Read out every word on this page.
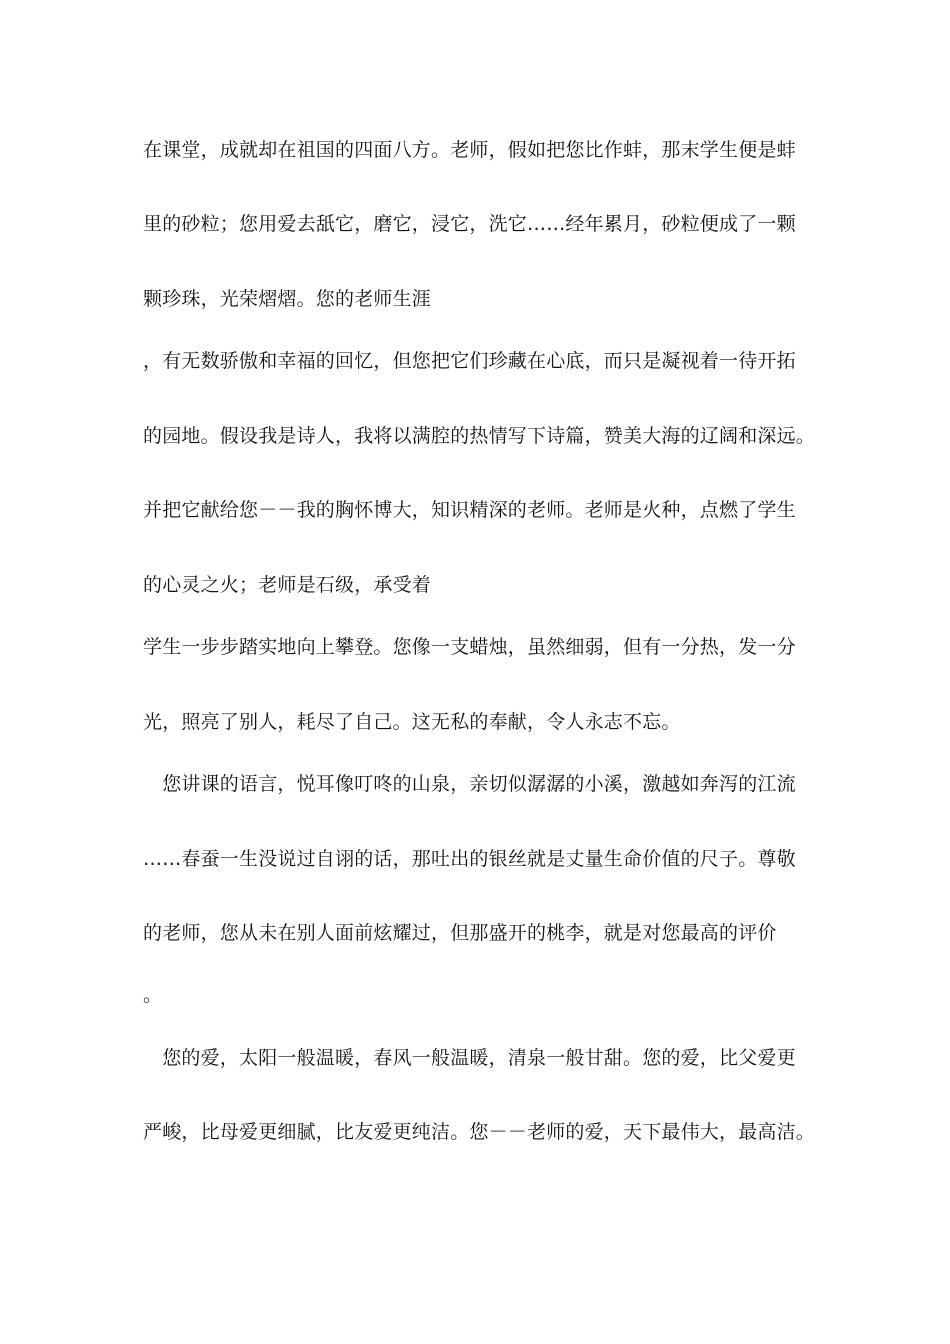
在课堂，成就却在祖国的四面八方。老师，假如把您比作蚌，那末学生便是蚌
里的砂粒；您用爱去舐它，磨它，浸它，洗它……经年累月，砂粒便成了一颗
颗珍珠，光荣熠熠。您的老师生涯
，有无数骄傲和幸福的回忆，但您把它们珍藏在心底，而只是凝视着一待开拓
的园地。假设我是诗人，我将以满腔的热情写下诗篇，赞美大海的辽阔和深远。
并把它献给您－－我的胸怀博大，知识精深的老师。老师是火种，点燃了学生
的心灵之火；老师是石级，承受着
学生一步步踏实地向上攀登。您像一支蜡烛，虽然细弱，但有一分热，发一分
光，照亮了别人，耗尽了自己。这无私的奉献，令人永志不忘。
　您讲课的语言，悦耳像叮咚的山泉，亲切似潺潺的小溪，激越如奔泻的江流
……春蚕一生没说过自诩的话，那吐出的银丝就是丈量生命价值的尺子。尊敬
的老师，您从未在别人面前炫耀过，但那盛开的桃李，就是对您最高的评价
。
　您的爱，太阳一般温暖，春风一般温暖，清泉一般甘甜。您的爱，比父爱更
严峻，比母爱更细腻，比友爱更纯洁。您－－老师的爱，天下最伟大，最高洁。
